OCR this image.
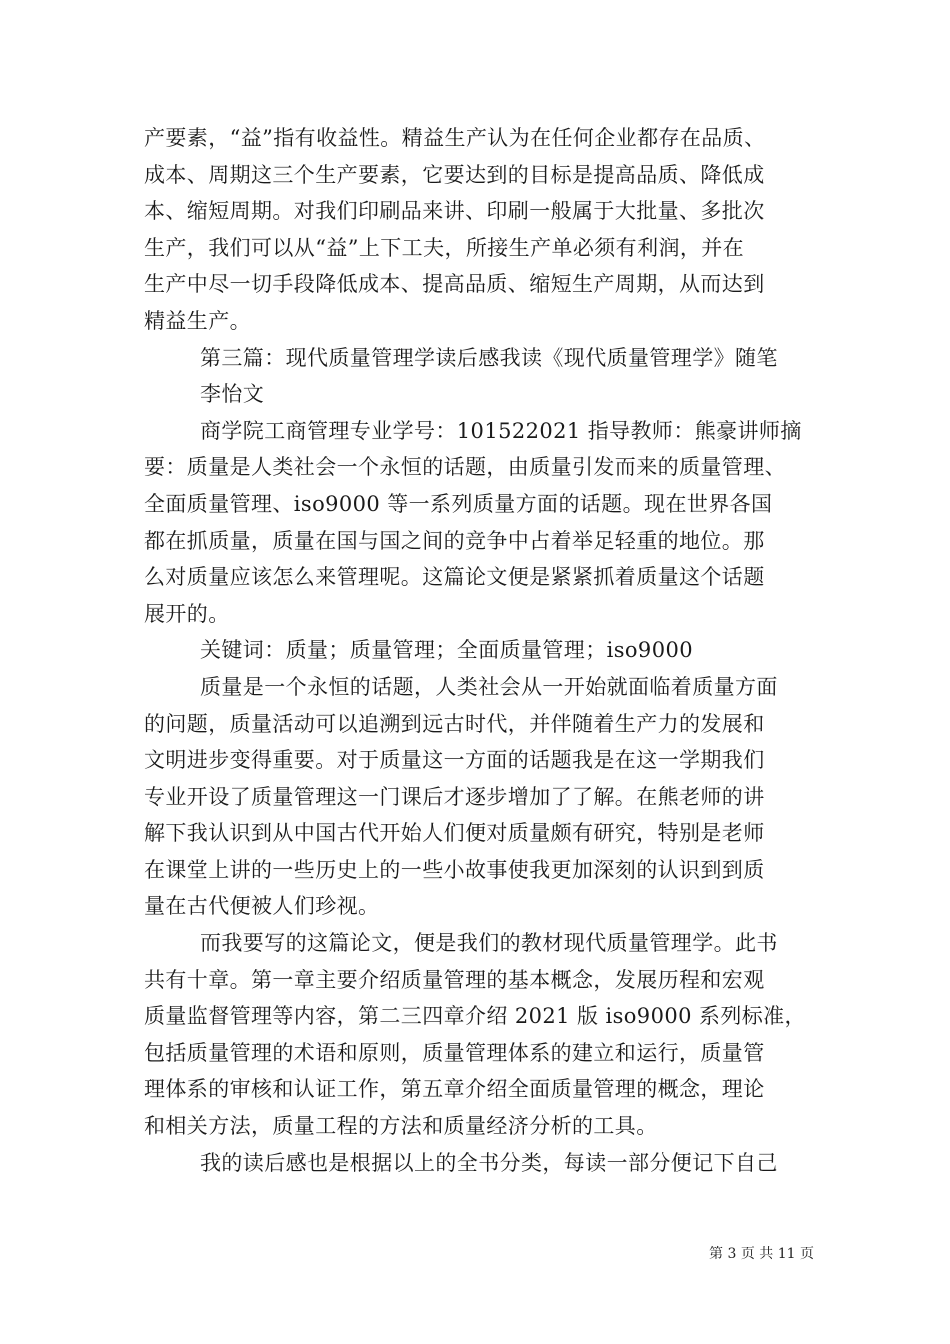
产要素，“益”指有收益性。精益生产认为在任何企业都存在品质、
成本、周期这三个生产要素，它要达到的目标是提高品质、降低成
本、缩短周期。对我们印刷品来讲、印刷一般属于大批量、多批次
生产，我们可以从“益”上下工夫，所接生产单必须有利润，并在
生产中尽一切手段降低成本、提高品质、缩短生产周期，从而达到
精益生产。
第三篇：现代质量管理学读后感我读《现代质量管理学》随笔
李怡文
商学院工商管理专业学号：101522021 指导教师：熊豪讲师摘
要：质量是人类社会一个永恒的话题，由质量引发而来的质量管理、
全面质量管理、iso9000 等一系列质量方面的话题。现在世界各国
都在抓质量，质量在国与国之间的竞争中占着举足轻重的地位。那
么对质量应该怎么来管理呢。这篇论文便是紧紧抓着质量这个话题
展开的。
关键词：质量；质量管理；全面质量管理；iso9000
质量是一个永恒的话题，人类社会从一开始就面临着质量方面
的问题，质量活动可以追溯到远古时代，并伴随着生产力的发展和
文明进步变得重要。对于质量这一方面的话题我是在这一学期我们
专业开设了质量管理这一门课后才逐步增加了了解。在熊老师的讲
解下我认识到从中国古代开始人们便对质量颇有研究，特别是老师
在课堂上讲的一些历史上的一些小故事使我更加深刻的认识到到质
量在古代便被人们珍视。
而我要写的这篇论文，便是我们的教材现代质量管理学。此书
共有十章。第一章主要介绍质量管理的基本概念，发展历程和宏观
质量监督管理等内容，第二三四章介绍 2021 版 iso9000 系列标准，
包括质量管理的术语和原则，质量管理体系的建立和运行，质量管
理体系的审核和认证工作，第五章介绍全面质量管理的概念，理论
和相关方法，质量工程的方法和质量经济分析的工具。
我的读后感也是根据以上的全书分类，每读一部分便记下自己
第 3 页 共 11 页
